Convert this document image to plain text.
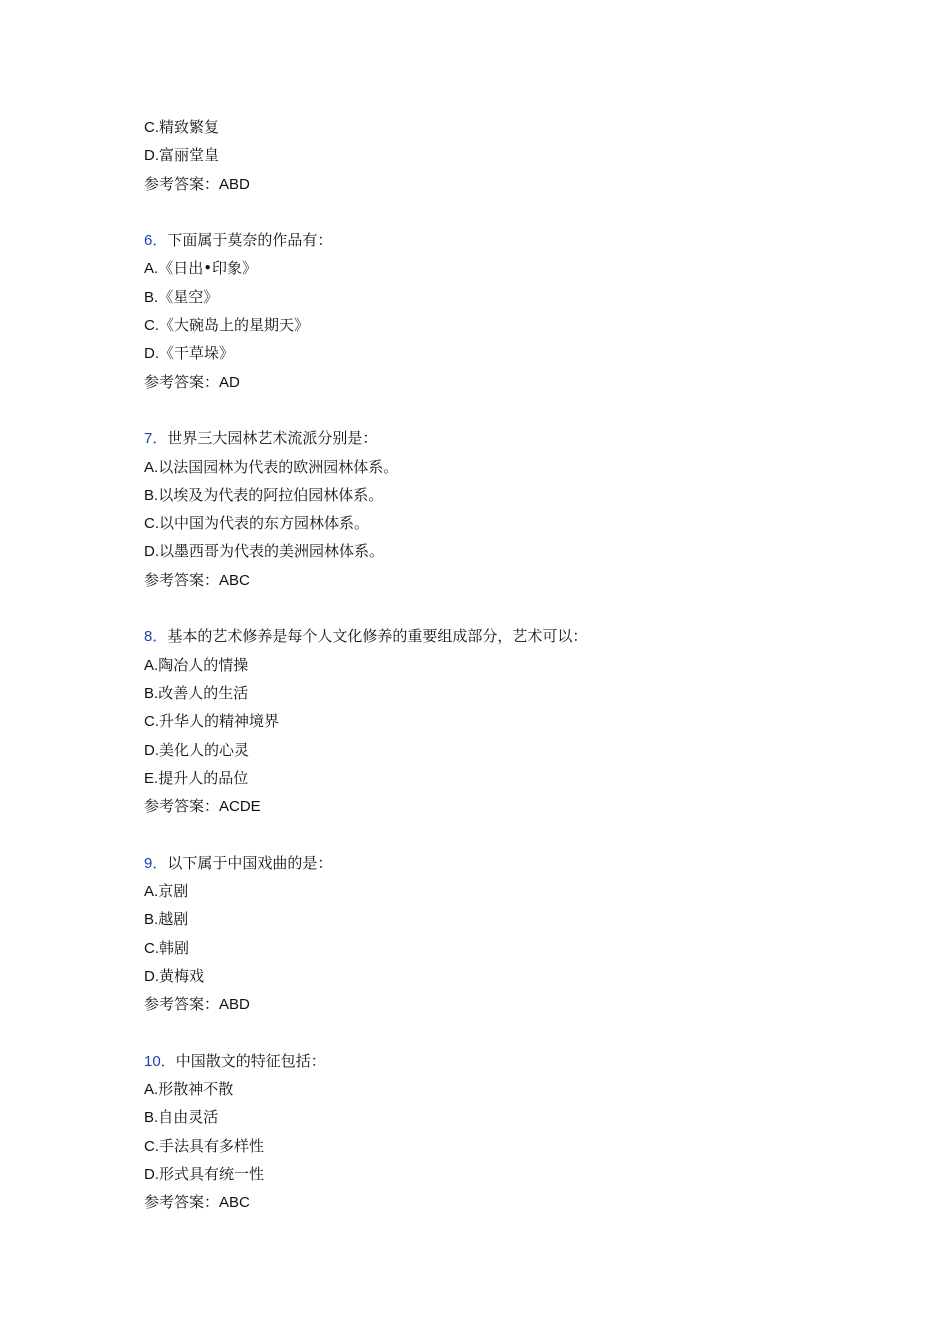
C.精致繁复
D.富丽堂皇
参考答案：ABD
6．下面属于莫奈的作品有：
A.《日出•印象》
B.《星空》
C.《大碗岛上的星期天》
D.《干草垛》
参考答案：AD
7．世界三大园林艺术流派分别是：
A.以法国园林为代表的欧洲园林体系。
B.以埃及为代表的阿拉伯园林体系。
C.以中国为代表的东方园林体系。
D.以墨西哥为代表的美洲园林体系。
参考答案：ABC
8．基本的艺术修养是每个人文化修养的重要组成部分，艺术可以：
A.陶冶人的情操
B.改善人的生活
C.升华人的精神境界
D.美化人的心灵
E.提升人的品位
参考答案：ACDE
9．以下属于中国戏曲的是：
A.京剧
B.越剧
C.韩剧
D.黄梅戏
参考答案：ABD
10．中国散文的特征包括：
A.形散神不散
B.自由灵活
C.手法具有多样性
D.形式具有统一性
参考答案：ABC
